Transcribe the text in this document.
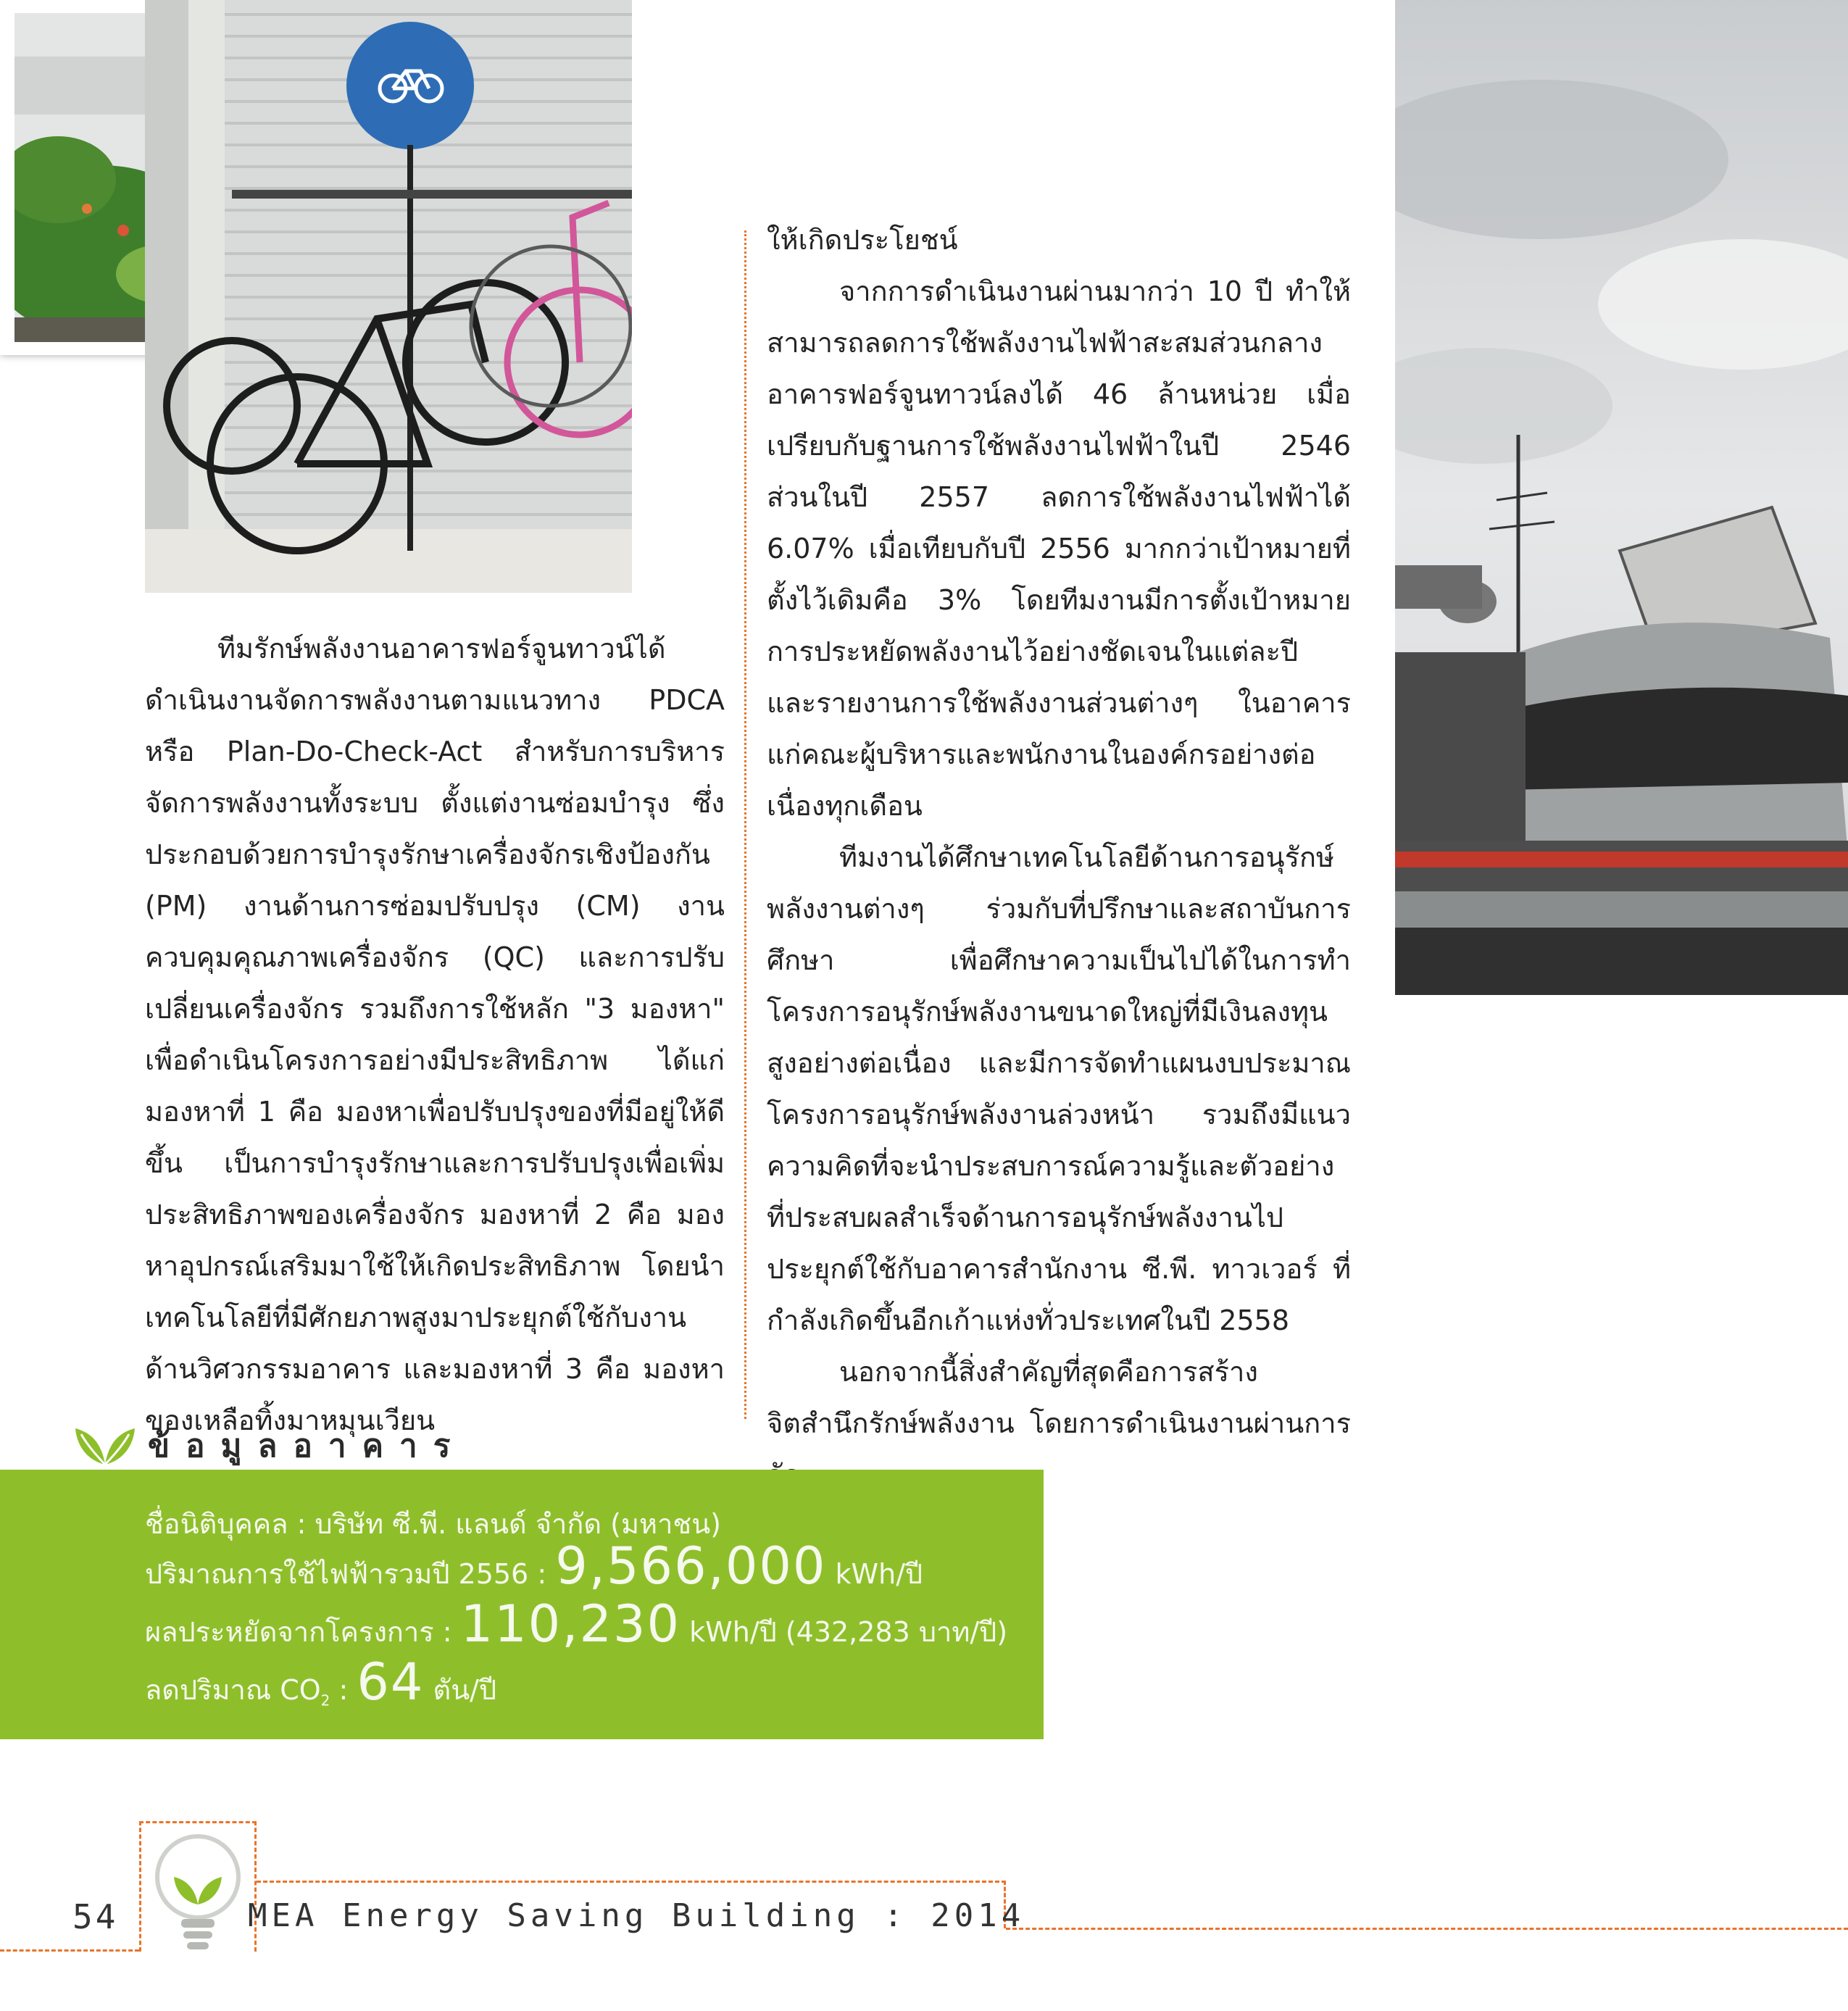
ทีมรักษ์พลังงานอาคารฟอร์จูนทาวน์ได้ดำเนินงานจัดการพลังงานตามแนวทาง PDCA หรือ Plan-Do-Check-Act สำหรับการบริหารจัดการพลังงานทั้งระบบ ตั้งแต่งานซ่อมบำรุง ซึ่งประกอบด้วยการบำรุงรักษาเครื่องจักรเชิงป้องกัน (PM) งานด้านการซ่อมปรับปรุง (CM) งานควบคุมคุณภาพเครื่องจักร (QC) และการปรับเปลี่ยนเครื่องจักร รวมถึงการใช้หลัก "3 มองหา" เพื่อดำเนินโครงการอย่างมีประสิทธิภาพ ได้แก่ มองหาที่ 1 คือ มองหาเพื่อปรับปรุงของที่มีอยู่ให้ดีขึ้น เป็นการบำรุงรักษาและการปรับปรุงเพื่อเพิ่มประสิทธิภาพของเครื่องจักร มองหาที่ 2 คือ มองหาอุปกรณ์เสริมมาใช้ให้เกิดประสิทธิภาพ โดยนำเทคโนโลยีที่มีศักยภาพสูงมาประยุกต์ใช้กับงานด้านวิศวกรรมอาคาร และมองหาที่ 3 คือ มองหาของเหลือทิ้งมาหมุนเวียน

ให้เกิดประโยชน์

จากการดำเนินงานผ่านมากว่า 10 ปี ทำให้สามารถลดการใช้พลังงานไฟฟ้าสะสมส่วนกลางอาคารฟอร์จูนทาวน์ลงได้ 46 ล้านหน่วย เมื่อเปรียบกับฐานการใช้พลังงานไฟฟ้าในปี 2546 ส่วนในปี 2557 ลดการใช้พลังงานไฟฟ้าได้ 6.07% เมื่อเทียบกับปี 2556 มากกว่าเป้าหมายที่ตั้งไว้เดิมคือ 3% โดยทีมงานมีการตั้งเป้าหมายการประหยัดพลังงานไว้อย่างชัดเจนในแต่ละปี และรายงานการใช้พลังงานส่วนต่างๆ ในอาคารแก่คณะผู้บริหารและพนักงานในองค์กรอย่างต่อเนื่องทุกเดือน

ทีมงานได้ศึกษาเทคโนโลยีด้านการอนุรักษ์พลังงานต่างๆ ร่วมกับที่ปรึกษาและสถาบันการศึกษา เพื่อศึกษาความเป็นไปได้ในการทำโครงการอนุรักษ์พลังงานขนาดใหญ่ที่มีเงินลงทุนสูงอย่างต่อเนื่อง และมีการจัดทำแผนงบประมาณโครงการอนุรักษ์พลังงานล่วงหน้า รวมถึงมีแนวความคิดที่จะนำประสบการณ์ความรู้และตัวอย่างที่ประสบผลสำเร็จด้านการอนุรักษ์พลังงานไปประยุกต์ใช้กับอาคารสำนักงาน ซี.พี. ทาวเวอร์ ที่กำลังเกิดขึ้นอีกเก้าแห่งทั่วประเทศในปี 2558

นอกจากนี้สิ่งสำคัญที่สุดคือการสร้างจิตสำนึกรักษ์พลังงาน โดยการดำเนินงานผ่านการ

ข้อมูลอาคาร
ชื่อนิติบุคคล : บริษัท ซี.พี. แลนด์ จำกัด (มหาชน)
ปริมาณการใช้ไฟฟ้ารวมปี 2556 : 9,566,000 kWh/ปี
ผลประหยัดจากโครงการ : 110,230 kWh/ปี (432,283 บาท/ปี)
ลดปริมาณ $CO_2$ : 64 ตัน/ปี
54	MEA Energy Saving Building : 2014
